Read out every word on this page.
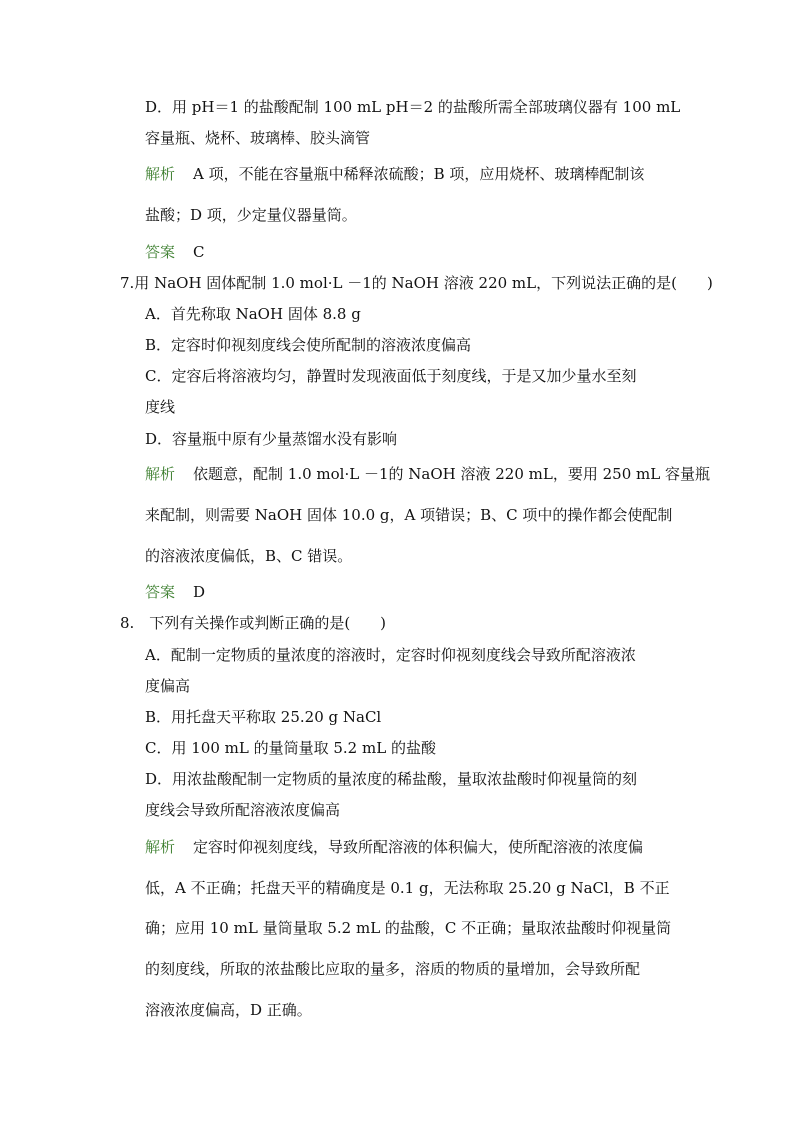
D．用 pH＝1 的盐酸配制 100 mL pH＝2 的盐酸所需全部玻璃仪器有 100 mL
容量瓶、烧杯、玻璃棒、胶头滴管
解析 A 项，不能在容量瓶中稀释浓硫酸；B 项，应用烧杯、玻璃棒配制该
盐酸；D 项，少定量仪器量筒。
答案 C
7.用 NaOH 固体配制 1.0 mol·L －1的 NaOH 溶液 220 mL，下列说法正确的是(　　)
A．首先称取 NaOH 固体 8.8 g
B．定容时仰视刻度线会使所配制的溶液浓度偏高
C．定容后将溶液均匀，静置时发现液面低于刻度线，于是又加少量水至刻
度线
D．容量瓶中原有少量蒸馏水没有影响
解析 依题意，配制 1.0 mol·L －1的 NaOH 溶液 220 mL，要用 250 mL 容量瓶
来配制，则需要 NaOH 固体 10.0 g，A 项错误；B、C 项中的操作都会使配制
的溶液浓度偏低，B、C 错误。
答案 D
8.　下列有关操作或判断正确的是(　　)
A．配制一定物质的量浓度的溶液时，定容时仰视刻度线会导致所配溶液浓
度偏高
B．用托盘天平称取 25.20 g NaCl
C．用 100 mL 的量筒量取 5.2 mL 的盐酸
D．用浓盐酸配制一定物质的量浓度的稀盐酸，量取浓盐酸时仰视量筒的刻
度线会导致所配溶液浓度偏高
解析 定容时仰视刻度线，导致所配溶液的体积偏大，使所配溶液的浓度偏
低，A 不正确；托盘天平的精确度是 0.1 g，无法称取 25.20 g NaCl，B 不正
确；应用 10 mL 量筒量取 5.2 mL 的盐酸，C 不正确；量取浓盐酸时仰视量筒
的刻度线，所取的浓盐酸比应取的量多，溶质的物质的量增加，会导致所配
溶液浓度偏高，D 正确。
